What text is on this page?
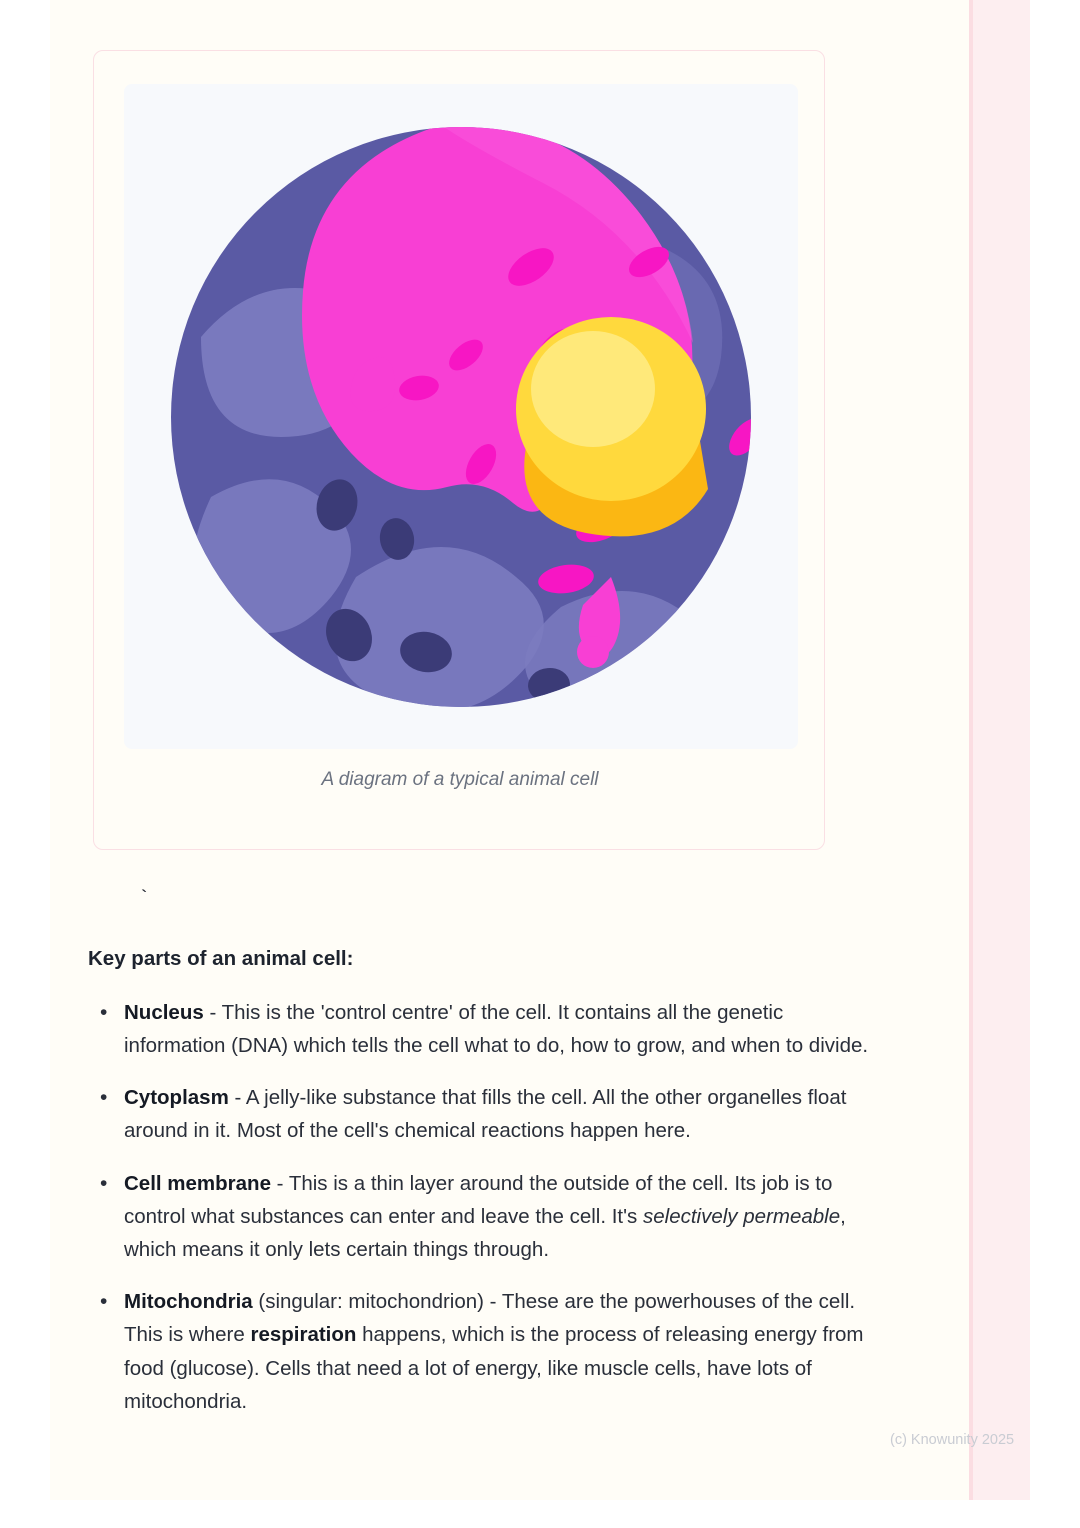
A diagram of a typical animal cell
`
Key parts of an animal cell:
• Nucleus - This is the 'control centre' of the cell. It contains all the genetic information (DNA) which tells the cell what to do, how to grow, and when to divide.
• Cytoplasm - A jelly-like substance that fills the cell. All the other organelles float around in it. Most of the cell's chemical reactions happen here.
• Cell membrane - This is a thin layer around the outside of the cell. Its job is to control what substances can enter and leave the cell. It's selectively permeable, which means it only lets certain things through.
• Mitochondria (singular: mitochondrion) - These are the powerhouses of the cell. This is where respiration happens, which is the process of releasing energy from food (glucose). Cells that need a lot of energy, like muscle cells, have lots of mitochondria.
(c) Knowunity 2025
